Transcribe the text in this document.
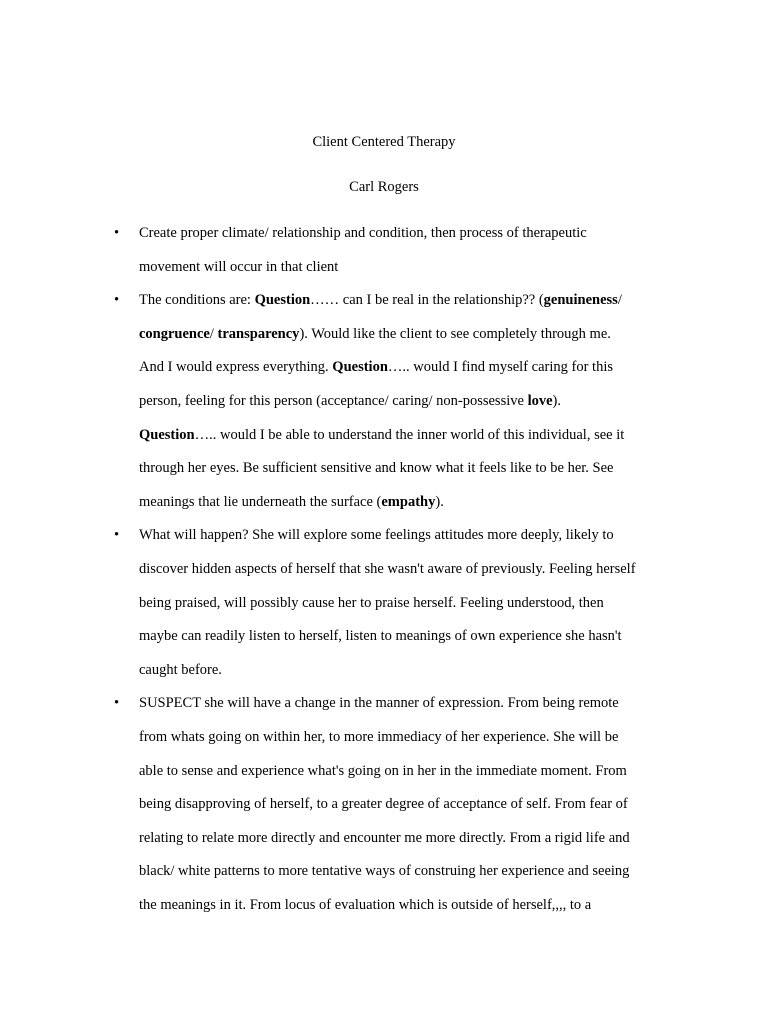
Client Centered Therapy

Carl Rogers

•	Create proper climate/ relationship and condition, then process of therapeutic
movement will occur in that client
•	The conditions are: Question…… can I be real in the relationship?? (genuineness/
congruence/ transparency). Would like the client to see completely through me.
And I would express everything. Question….. would I find myself caring for this
person, feeling for this person (acceptance/ caring/ non-possessive love).
Question….. would I be able to understand the inner world of this individual, see it
through her eyes. Be sufficient sensitive and know what it feels like to be her. See
meanings that lie underneath the surface (empathy).
•	What will happen? She will explore some feelings attitudes more deeply, likely to
discover hidden aspects of herself that she wasn't aware of previously. Feeling herself
being praised, will possibly cause her to praise herself. Feeling understood, then
maybe can readily listen to herself, listen to meanings of own experience she hasn't
caught before.
•	SUSPECT she will have a change in the manner of expression. From being remote
from whats going on within her, to more immediacy of her experience. She will be
able to sense and experience what's going on in her in the immediate moment. From
being disapproving of herself, to a greater degree of acceptance of self. From fear of
relating to relate more directly and encounter me more directly. From a rigid life and
black/ white patterns to more tentative ways of construing her experience and seeing
the meanings in it. From locus of evaluation which is outside of herself,,,, to a
